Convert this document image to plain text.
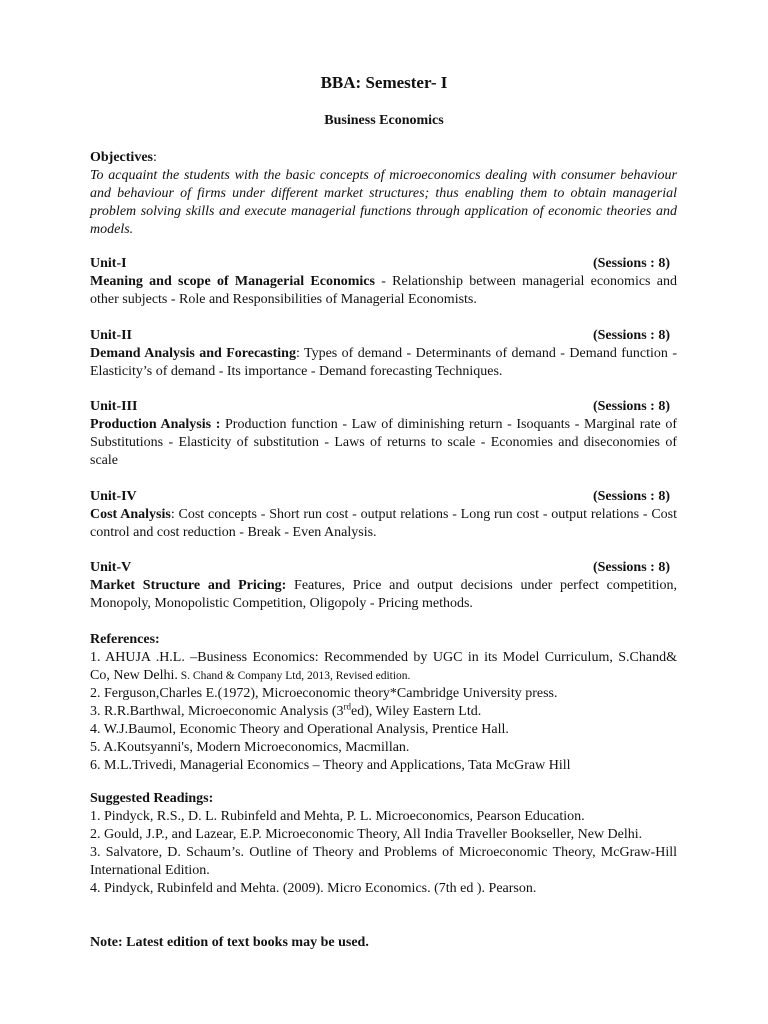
BBA: Semester- I
Business Economics
Objectives:
To acquaint the students with the basic concepts of microeconomics dealing with consumer behaviour and behaviour of firms under different market structures; thus enabling them to obtain managerial problem solving skills and execute managerial functions through application of economic theories and models.
Unit-I	(Sessions : 8)
Meaning and scope of Managerial Economics - Relationship between managerial economics and other subjects - Role and Responsibilities of Managerial Economists.
Unit-II	(Sessions : 8)
Demand Analysis and Forecasting: Types of demand - Determinants of demand - Demand function - Elasticity’s of demand - Its importance - Demand forecasting Techniques.
Unit-III	(Sessions : 8)
Production Analysis : Production function - Law of diminishing return - Isoquants - Marginal rate of Substitutions - Elasticity of substitution - Laws of returns to scale - Economies and diseconomies of scale
Unit-IV	(Sessions : 8)
Cost Analysis: Cost concepts - Short run cost - output relations - Long run cost - output relations - Cost control and cost reduction - Break - Even Analysis.
Unit-V	(Sessions : 8)
Market Structure and Pricing: Features, Price and output decisions under perfect competition, Monopoly, Monopolistic Competition, Oligopoly - Pricing methods.
References:
1. AHUJA .H.L. –Business Economics: Recommended by UGC in its Model Curriculum, S.Chand& Co, New Delhi. S. Chand & Company Ltd, 2013, Revised edition.
2. Ferguson,Charles E.(1972), Microeconomic theory*Cambridge University press.
3. R.R.Barthwal, Microeconomic Analysis (3rded), Wiley Eastern Ltd.
4. W.J.Baumol, Economic Theory and Operational Analysis, Prentice Hall.
5. A.Koutsyanni's, Modern Microeconomics, Macmillan.
6. M.L.Trivedi, Managerial Economics – Theory and Applications, Tata McGraw Hill
Suggested Readings:
1. Pindyck, R.S., D. L. Rubinfeld and Mehta, P. L. Microeconomics, Pearson Education.
2. Gould, J.P., and Lazear, E.P. Microeconomic Theory, All India Traveller Bookseller, New Delhi.
3. Salvatore, D. Schaum’s. Outline of Theory and Problems of Microeconomic Theory, McGraw-Hill International Edition.
4. Pindyck, Rubinfeld and Mehta. (2009). Micro Economics. (7th ed ). Pearson.
Note: Latest edition of text books may be used.
